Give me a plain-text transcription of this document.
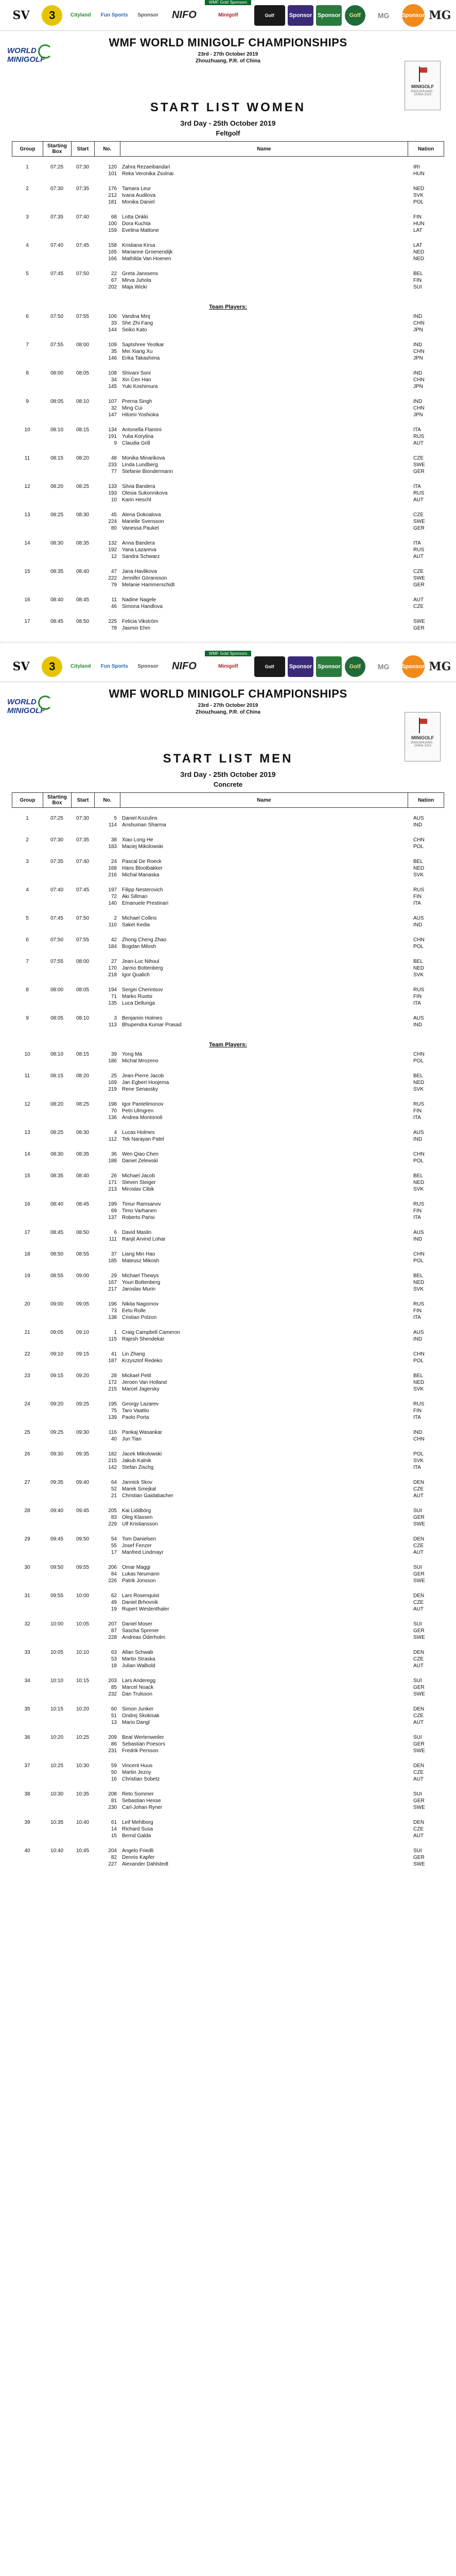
WMF Gold Sponsors
SV	3	Cityland	Fun Sports	Sponsor	NIFO	Minigolf	Golf	Sponsor Sponsor	Golf	MG	Sponsor MG
WMF WORLD MINIGOLF CHAMPIONSHIPS
23rd - 27th October 2019
Zhouzhuang, P.R. of China
WORLD
MINIGOLF
MINIGOLF
ZHOUZHUANG · CHINA 2019
START LIST WOMEN
3rd Day - 25th October 2019
Feltgolf
Group	Starting Box	Start	No.	Name	Nation
1	07:25	07:30	120	Zahra Rezaeibandari	IRI
101	Reka Veronika Zsolnai	HUN
2	07:30	07:35	176	Tamara Leur	NED
212	Ivana Audilova	SVK
181	Monika Daniel	POL
3	07:35	07:40	68	Lotta Onkki	FIN
100	Dora Kuchta	HUN
159	Evelina Mattone	LAT
4	07:40	07:45	158	Kristiana Kirsa	LAT
165	Marianne Groenendijk	NED
166	Mathilda Van Hoenen	NED
5	07:45	07:50	22	Greta Janssens	BEL
67	Mirva Juhola	FIN
202	Maja Wicki	SUI
Team Players:
6	07:50	07:55	106	Vandna Minj	IND
33	She Zhi Fang	CHN
144	Seiko Kato	JPN
7	07:55	08:00	109	Saptshree Yeotkar	IND
35	Mei Xiang Xu	CHN
146	Erika Takashima	JPN
8	08:00	08:05	108	Shivani Soni	IND
34	Xin Cen Han	CHN
145	Yuki Koshimura	JPN
9	08:05	08:10	107	Prerna Singh	IND
32	Ming Cui	CHN
147	Hitomi Yoshioka	JPN
10	08:10	08:15	134	Antonella Flamini	ITA
191	Yulia Korytina	RUS
9	Claudia Grill	AUT
11	08:15	08:20	48	Monika Minarikova	CZE
233	Linda Lundberg	SWE
77	Stefanie Biondermann	GER
12	08:20	08:25	133	Silvia Bandera	ITA
193	Olesia Sukonnikova	RUS
10	Karin Heschl	AUT
13	08:25	08:30	45	Alena Dokoalova	CZE
224	Marielle Svensson	SWE
80	Vanessa Paukel	GER
14	08:30	08:35	132	Anna Bandera	ITA
192	Yana Lazareva	RUS
12	Sandra Schwarz	AUT
15	08:35	08:40	47	Jana Havlikova	CZE
222	Jennifer Göransson	SWE
79	Melanie Hammerschidt	GER
16	08:40	08:45	11	Nadine Nagele	AUT
46	Simona Handlova	CZE
17	08:45	08:50	225	Felicia Vikström	SWE
78	Jasmin Ehm	GER
WMF Gold Sponsors
SV	3	Cityland	Fun Sports	Sponsor	NIFO	Minigolf	Golf	Sponsor Sponsor	Golf	MG	Sponsor MG
WMF WORLD MINIGOLF CHAMPIONSHIPS
23rd - 27th October 2019
Zhouzhuang, P.R. of China
WORLD
MINIGOLF
MINIGOLF
ZHOUZHUANG · CHINA 2019
START LIST MEN
3rd Day - 25th October 2019
Concrete
Group	Starting Box	Start	No.	Name	Nation
1	07:25	07:30	5	Daniel Kozulins	AUS
114	Anshuman Sharma	IND
2	07:30	07:35	38	Xiao Long He	CHN
183	Maciej Mikolowski	POL
3	07:35	07:40	24	Pascal De Roeck	BEL
168	Hans Blootbakker	NED
216	Michal Manaska	SVK
4	07:40	07:45	197	Filipp Nesterovich	RUS
72	Aki Sillman	FIN
140	Emanuele Prestinari	ITA
5	07:45	07:50	2	Michael Collins	AUS
110	Saket Kedia	IND
6	07:50	07:55	42	Zhong Cheng Zhao	CHN
184	Bogdan Milosh	POL
7	07:55	08:00	27	Jean-Luc Nihoul	BEL
170	Jarmo Bottenberg	NED
218	Igor Qualich	SVK
8	08:00	08:05	194	Sergei Cherintsov	RUS
71	Marko Ruotsi	FIN
135	Luca Dellunga	ITA
9	08:05	08:10	3	Benjamin Holmes	AUS
113	Bhupendra Kumar Prasad	IND
Team Players:
10	08:10	08:15	39	Yong Ma	CHN
186	Michal Mrozeno	POL
11	08:15	08:20	25	Jean-Pierre Jacob	BEL
169	Jan Egbert Hoojema	NED
219	Rene Senavsky	SVK
12	08:20	08:25	198	Igor Pantelimonov	RUS
70	Petri Ulmgren	FIN
136	Andrea Montonoli	ITA
13	08:25	08:30	4	Lucas Holmes	AUS
112	Tek Narayan Patel	IND
14	08:30	08:35	36	Wen Qiao Chen	CHN
188	Daniel Zelewski	POL
15	08:35	08:40	26	Michael Jacob	BEL
171	Steven Steiger	NED
213	Miroslav Cibik	SVK
16	08:40	08:45	199	Timur Ramsanov	RUS
69	Timo Varhanen	FIN
137	Roberto Parisi	ITA
17	08:45	08:50	6	David Maslin	AUS
111	Ranjit Arvind Lohar	IND
18	08:50	08:55	37	Liang Min Hao	CHN
185	Mateusz Mikosh	POL
19	08:55	09:00	29	Michael Thewys	BEL
167	Youri Bottenberg	NED
217	Jaroslav Murin	SVK
20	09:00	09:05	196	Nikita Nagornov	RUS
73	Eetu Rolle	FIN
138	Cristian Polzon	ITA
21	09:05	09:10	1	Craig Campbell Cameron	AUS
115	Rajesh Shendekar	IND
22	09:10	09:15	41	Lin Zhang	CHN
187	Krzysztof Redeko	POL
23	09:15	09:20	28	Mickael Petit	BEL
172	Jeroen Van Holland	NED
215	Marcel Jagersky	SVK
24	09:20	09:25	195	Georgy Lazarev	RUS
75	Taro Vaattio	FIN
139	Paolo Porta	ITA
25	09:25	09:30	116	Pankaj Wasankar	IND
40	Jun Tian	CHN
26	09:30	09:35	182	Jacek Mikolowski	POL
215	Jakub Kalnik	SVK
142	Stefan Zischg	ITA
27	09:35	09:40	64	Jannick Skov	DEN
52	Marek Smejkal	CZE
21	Christian Gaidabacher	AUT
28	09:40	09:45	205	Kai Liddbörg	SUI
83	Oleg Klassen	GER
229	Ulf Kristiansson	SWE
29	09:45	09:50	54	Tom Danielsen	DEN
55	Josef Fenzer	CZE
17	Manfred Lindmayr	AUT
30	09:50	09:55	206	Omar Maggi	SUI
84	Lukas Neumann	GER
226	Patrik Jonsson	SWE
31	09:55	10:00	62	Lars Rosenquist	DEN
49	Daniel Brhovnik	CZE
19	Rupert Westenthaler	AUT
32	10:00	10:05	207	Daniel Moser	SUI
87	Sascha Sprener	GER
228	Andreas Öderholm	SWE
33	10:05	10:10	63	Allan Schwab	DEN
53	Martin Straska	CZE
18	Julian Walbold	AUT
34	10:10	10:15	203	Lars Anderegg	SUI
85	Marcel Noack	GER
232	Dan Trulsson	SWE
35	10:15	10:20	60	Simon Junker	DEN
51	Ondrej Skokisak	CZE
13	Mario Dangl	AUT
36	10:20	10:25	209	Beat Wertenweiler	SUI
86	Sebastian Poesors	GER
231	Fredrik Persson	SWE
37	10:25	10:30	59	Vincent Huus	DEN
50	Martin Jezny	CZE
16	Christian Sobetz	AUT
38	10:30	10:35	208	Reto Sommer	SUI
81	Sebastian Hesse	GER
230	Carl-Johan Ryner	SWE
39	10:35	10:40	61	Leif Mehlborg	DEN
14	Richard Susa	CZE
15	Bernd Galda	AUT
40	10:40	10:45	204	Angelo Friedli	SUI
82	Dennis Kapfer	GER
227	Alexander Dahlstedt	SWE
